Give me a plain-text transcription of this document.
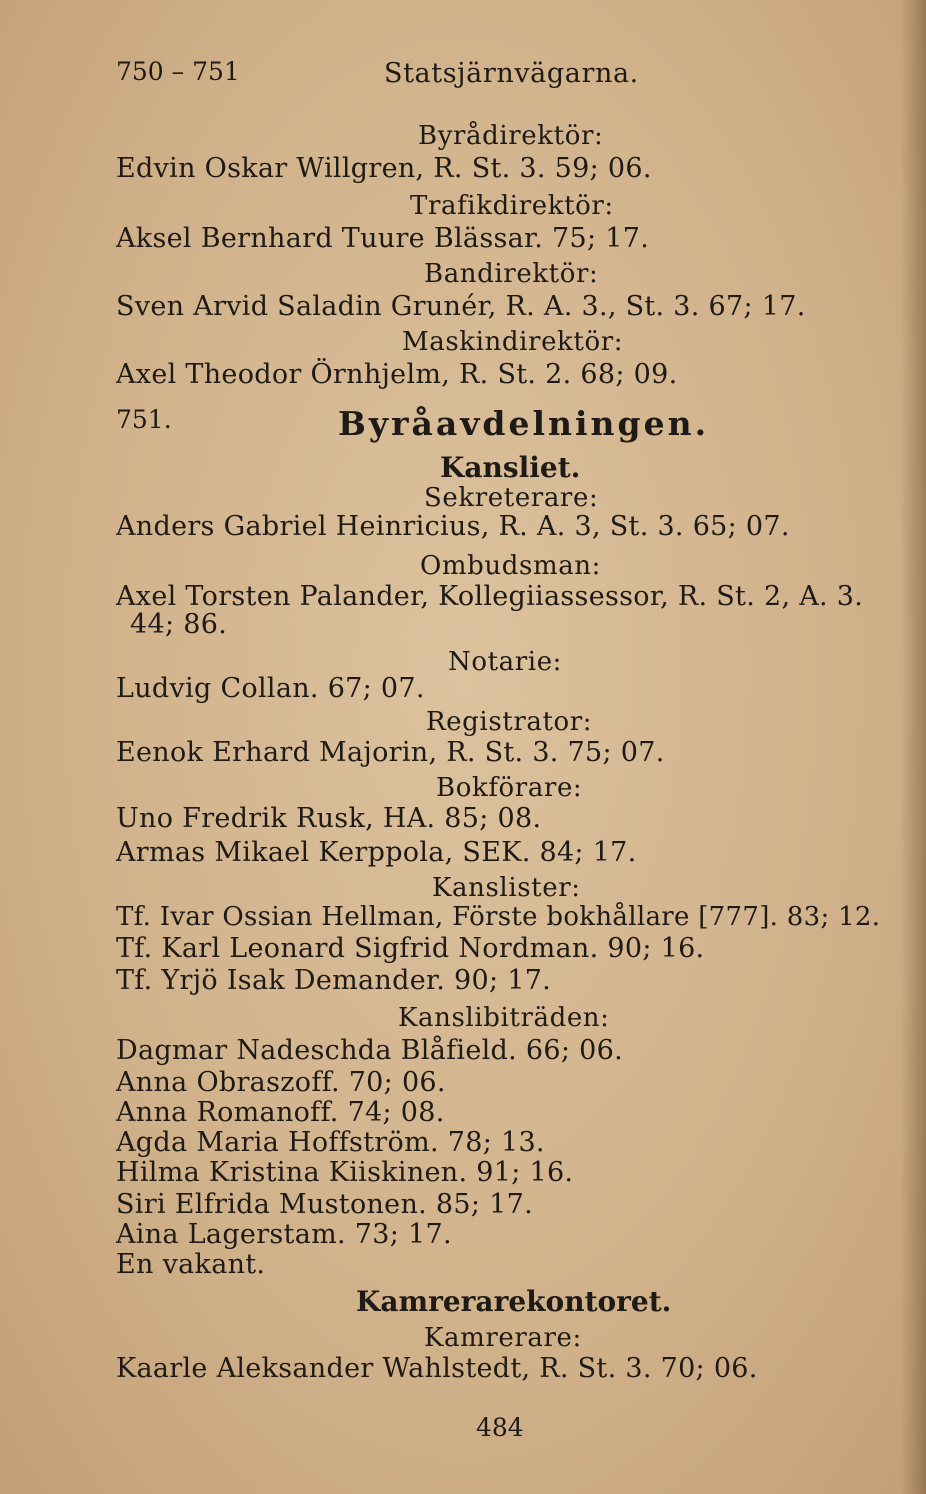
750 – 751	Statsjärnvägarna.
Byrådirektör:
Edvin Oskar Willgren, R. St. 3. 59; 06.
Trafikdirektör:
Aksel Bernhard Tuure Blässar. 75; 17.
Bandirektör:
Sven Arvid Saladin Grunér, R. A. 3., St. 3. 67; 17.
Maskindirektör:
Axel Theodor Örnhjelm, R. St. 2. 68; 09.
751.	Byråavdelningen.
Kansliet.
Sekreterare:
Anders Gabriel Heinricius, R. A. 3, St. 3. 65; 07.
Ombudsman:
Axel Torsten Palander, Kollegiiassessor, R. St. 2, A. 3.
44; 86.
Notarie:
Ludvig Collan. 67; 07.
Registrator:
Eenok Erhard Majorin, R. St. 3. 75; 07.
Bokförare:
Uno Fredrik Rusk, HA. 85; 08.
Armas Mikael Kerppola, SEK. 84; 17.
Kanslister:
Tf. Ivar Ossian Hellman, Förste bokhållare [777]. 83; 12.
Tf. Karl Leonard Sigfrid Nordman. 90; 16.
Tf. Yrjö Isak Demander. 90; 17.
Kanslibiträden:
Dagmar Nadeschda Blåfield. 66; 06.
Anna Obraszoff. 70; 06.
Anna Romanoff. 74; 08.
Agda Maria Hoffström. 78; 13.
Hilma Kristina Kiiskinen. 91; 16.
Siri Elfrida Mustonen. 85; 17.
Aina Lagerstam. 73; 17.
En vakant.
Kamrerarekontoret.
Kamrerare:
Kaarle Aleksander Wahlstedt, R. St. 3. 70; 06.
484
